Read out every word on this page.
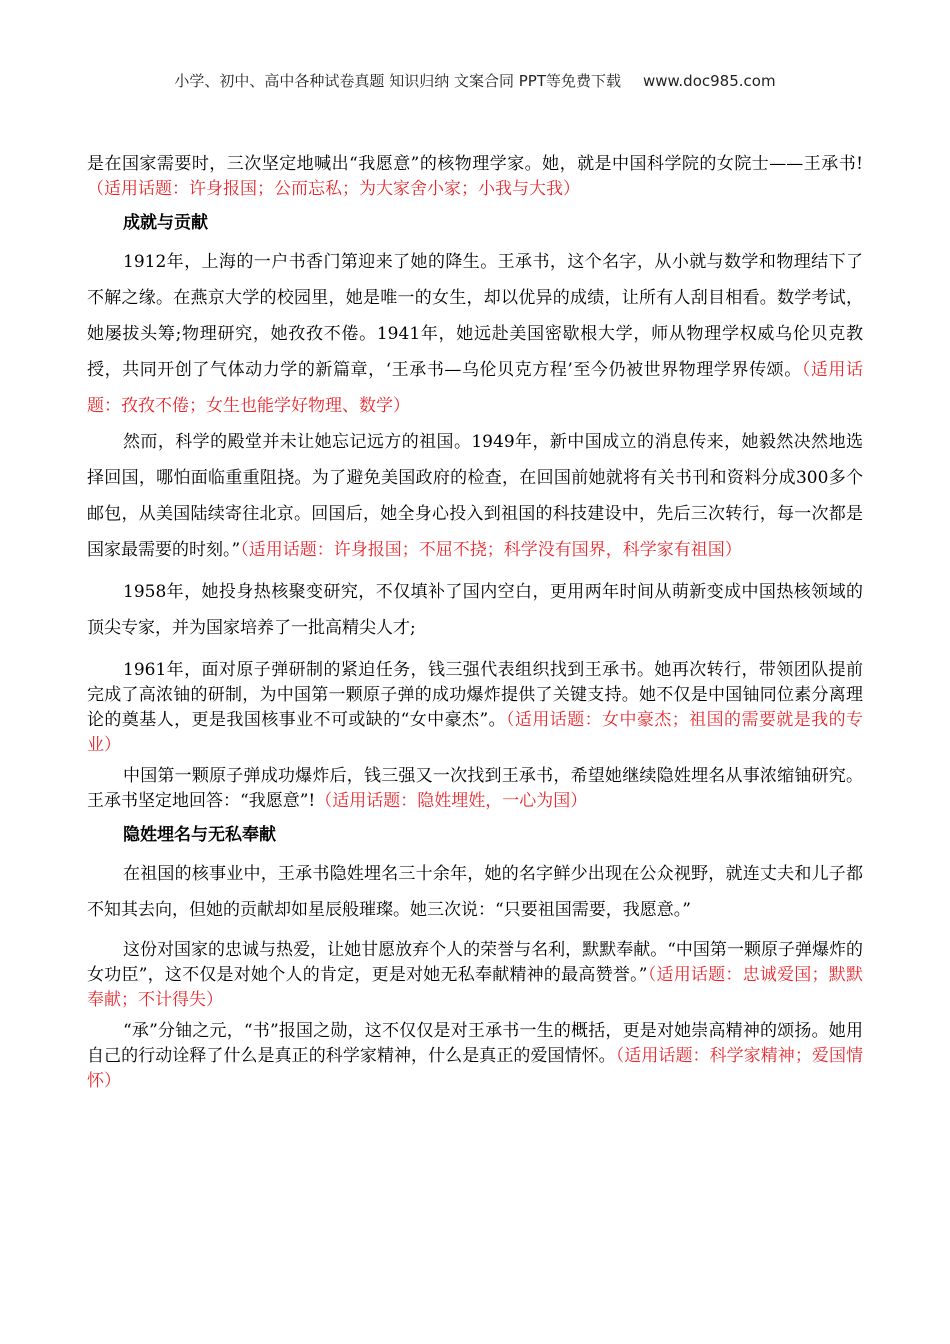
小学、初中、高中各种试卷真题 知识归纳 文案合同 PPT等免费下载 www.doc985.com

是在国家需要时，三次坚定地喊出“我愿意”的核物理学家。她，就是中国科学院的女院士——王承书!（适用话题：许身报国；公而忘私；为大家舍小家；小我与大我）

成就与贡献

1912年，上海的一户书香门第迎来了她的降生。王承书，这个名字，从小就与数学和物理结下了不解之缘。在燕京大学的校园里，她是唯一的女生，却以优异的成绩，让所有人刮目相看。数学考试，她屡拔头筹;物理研究，她孜孜不倦。1941年，她远赴美国密歇根大学，师从物理学权威乌伦贝克教授，共同开创了气体动力学的新篇章，‘王承书—乌伦贝克方程’至今仍被世界物理学界传颂。（适用话题：孜孜不倦；女生也能学好物理、数学）

然而，科学的殿堂并未让她忘记远方的祖国。1949年，新中国成立的消息传来，她毅然决然地选择回国，哪怕面临重重阻挠。为了避免美国政府的检查，在回国前她就将有关书刊和资料分成300多个邮包，从美国陆续寄往北京。回国后，她全身心投入到祖国的科技建设中，先后三次转行，每一次都是国家最需要的时刻。”（适用话题：许身报国；不屈不挠；科学没有国界，科学家有祖国）

1958年，她投身热核聚变研究，不仅填补了国内空白，更用两年时间从萌新变成中国热核领域的顶尖专家，并为国家培养了一批高精尖人才;

1961年，面对原子弹研制的紧迫任务，钱三强代表组织找到王承书。她再次转行，带领团队提前完成了高浓铀的研制，为中国第一颗原子弹的成功爆炸提供了关键支持。她不仅是中国铀同位素分离理论的奠基人，更是我国核事业不可或缺的“女中豪杰”。（适用话题：女中豪杰；祖国的需要就是我的专业）

中国第一颗原子弹成功爆炸后，钱三强又一次找到王承书，希望她继续隐姓埋名从事浓缩铀研究。王承书坚定地回答：“我愿意”!（适用话题：隐姓埋姓，一心为国）

隐姓埋名与无私奉献

在祖国的核事业中，王承书隐姓埋名三十余年，她的名字鲜少出现在公众视野，就连丈夫和儿子都不知其去向，但她的贡献却如星辰般璀璨。她三次说：“只要祖国需要，我愿意。”

这份对国家的忠诚与热爱，让她甘愿放弃个人的荣誉与名利，默默奉献。“中国第一颗原子弹爆炸的女功臣”，这不仅是对她个人的肯定，更是对她无私奉献精神的最高赞誉。”（适用话题：忠诚爱国；默默奉献；不计得失）

“承”分铀之元，“书”报国之勋，这不仅仅是对王承书一生的概括，更是对她崇高精神的颂扬。她用自己的行动诠释了什么是真正的科学家精神，什么是真正的爱国情怀。（适用话题：科学家精神；爱国情怀）
